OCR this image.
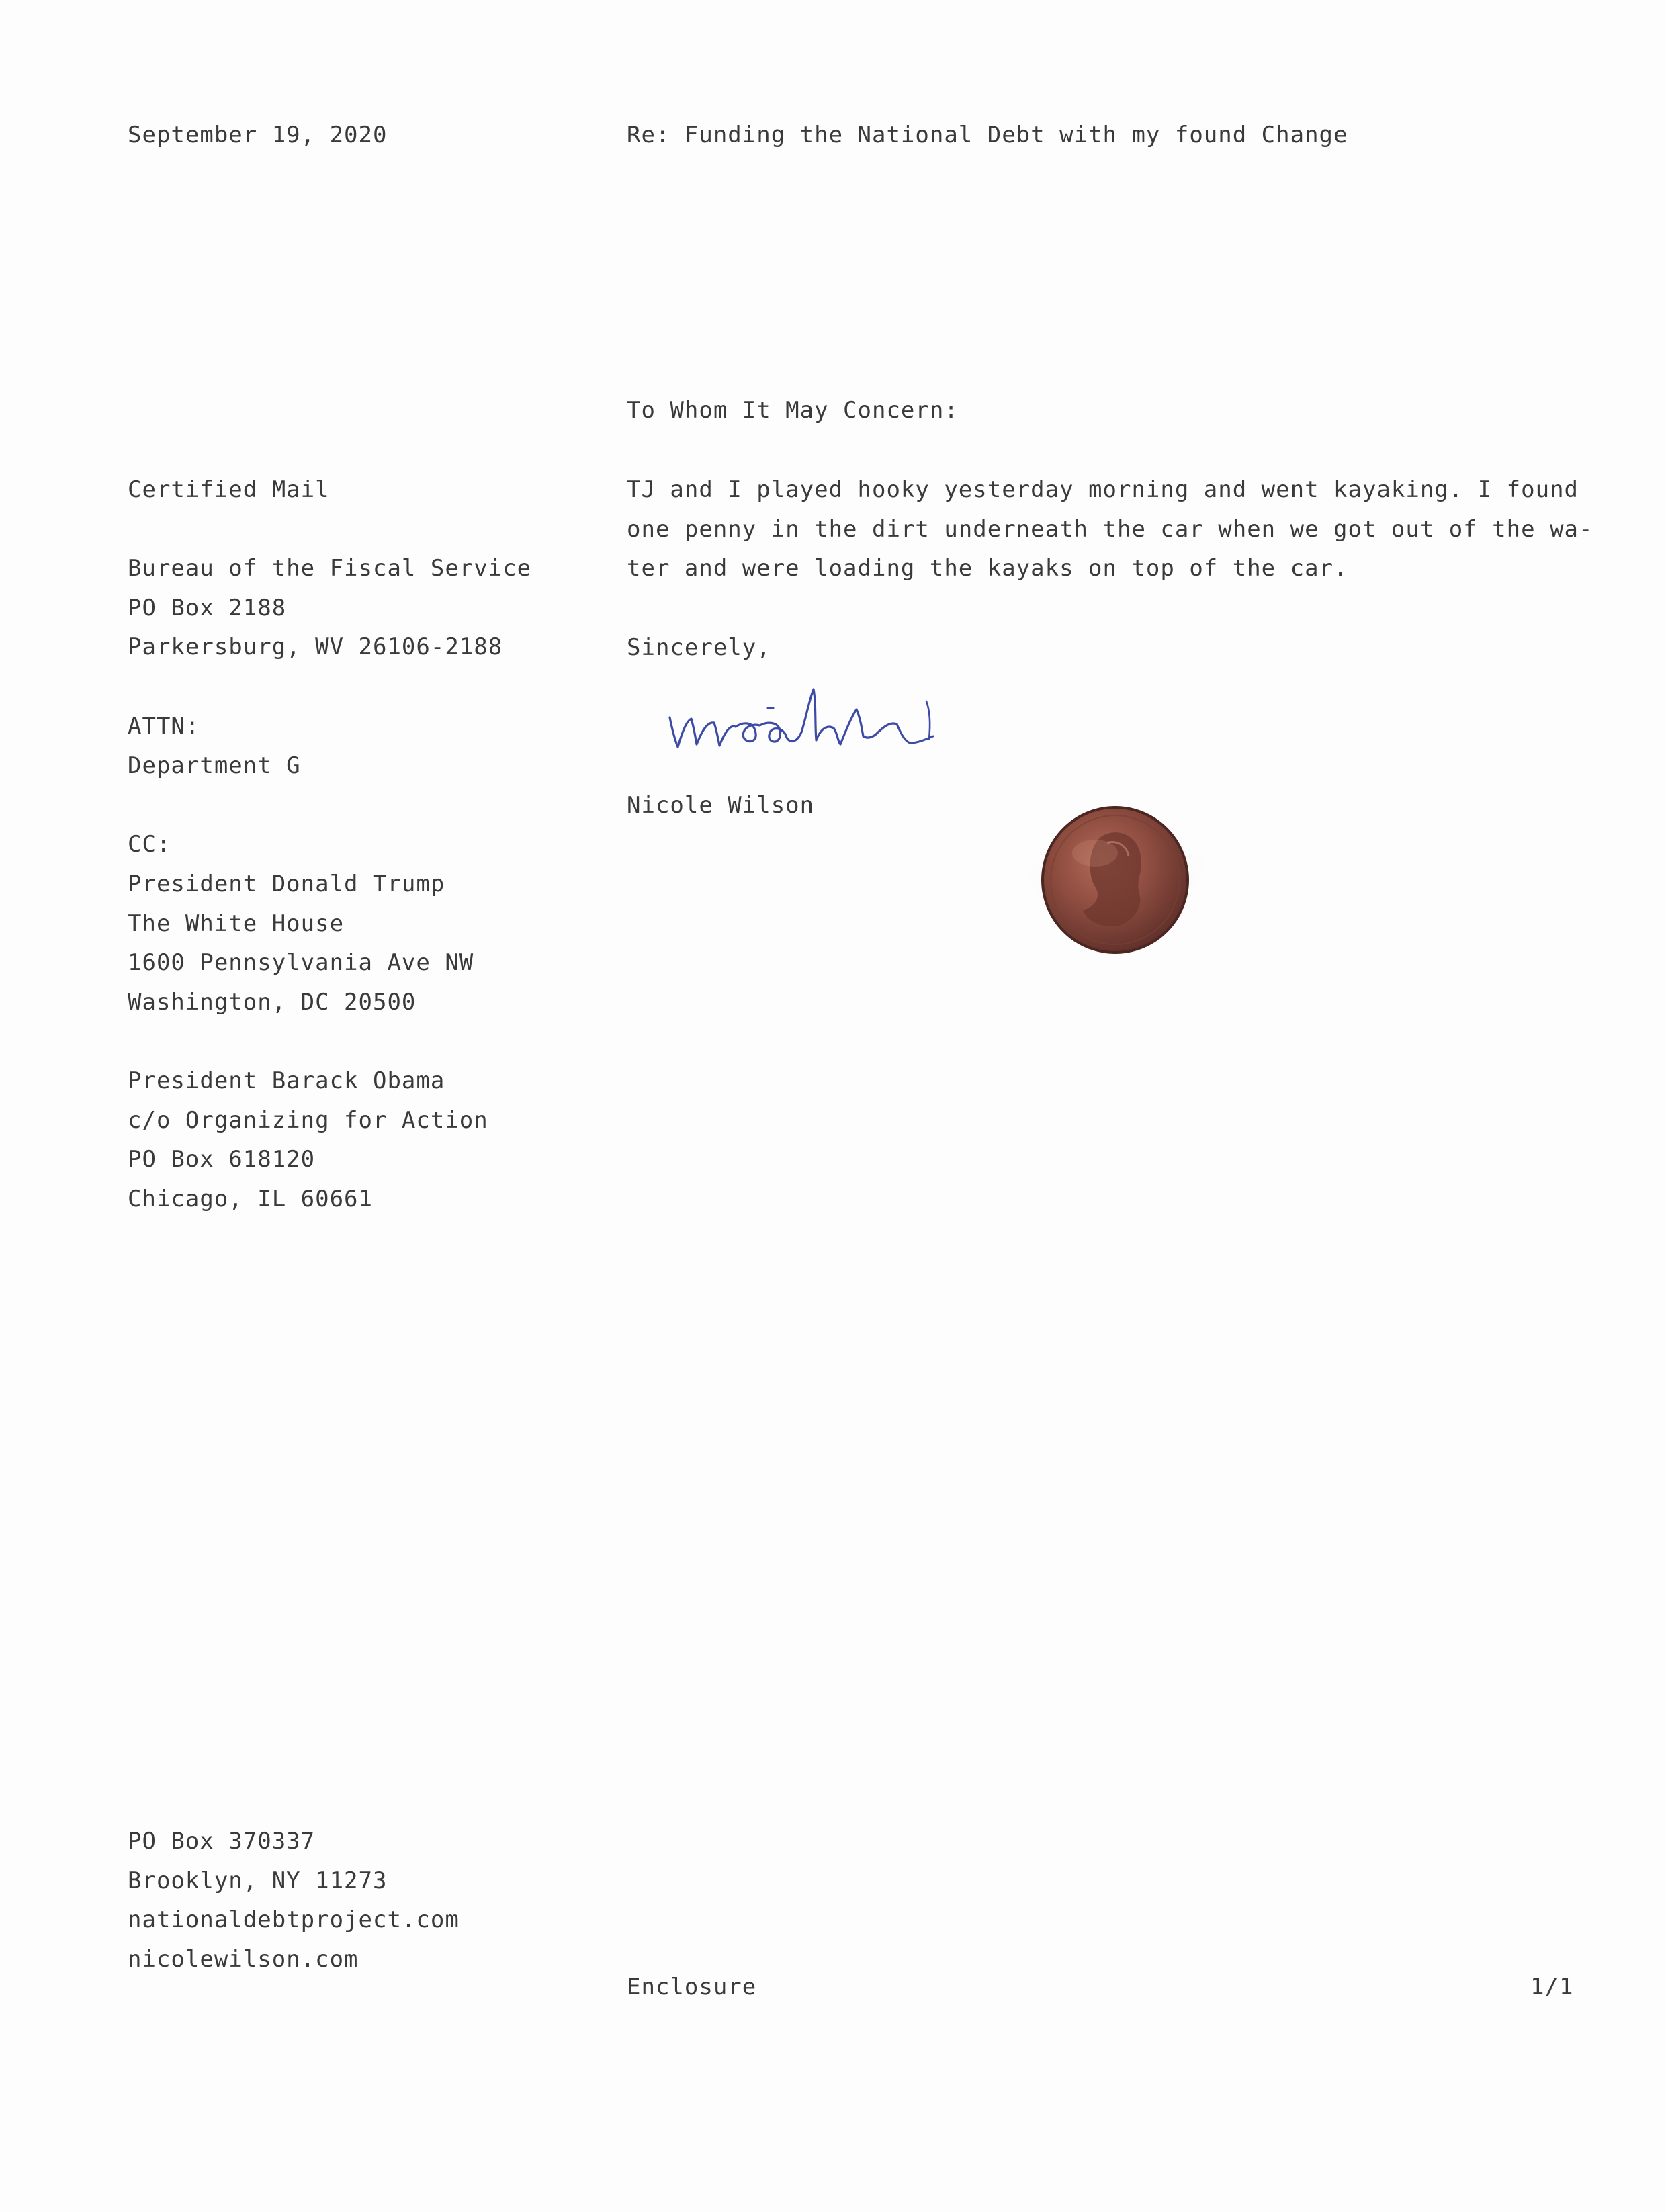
September 19, 2020	Re: Funding the National Debt with my found Change
To Whom It May Concern:
Certified Mail
Bureau of the Fiscal Service
PO Box 2188
Parkersburg, WV 26106-2188
ATTN:
Department G
CC:
President Donald Trump
The White House
1600 Pennsylvania Ave NW
Washington, DC 20500
President Barack Obama
c/o Organizing for Action
PO Box 618120
Chicago, IL 60661
TJ and I played hooky yesterday morning and went kayaking. I found
one penny in the dirt underneath the car when we got out of the wa-
ter and were loading the kayaks on top of the car.
Sincerely,
Nicole Wilson
PO Box 370337
Brooklyn, NY 11273
nationaldebtproject.com
nicolewilson.com
Enclosure	1/1
